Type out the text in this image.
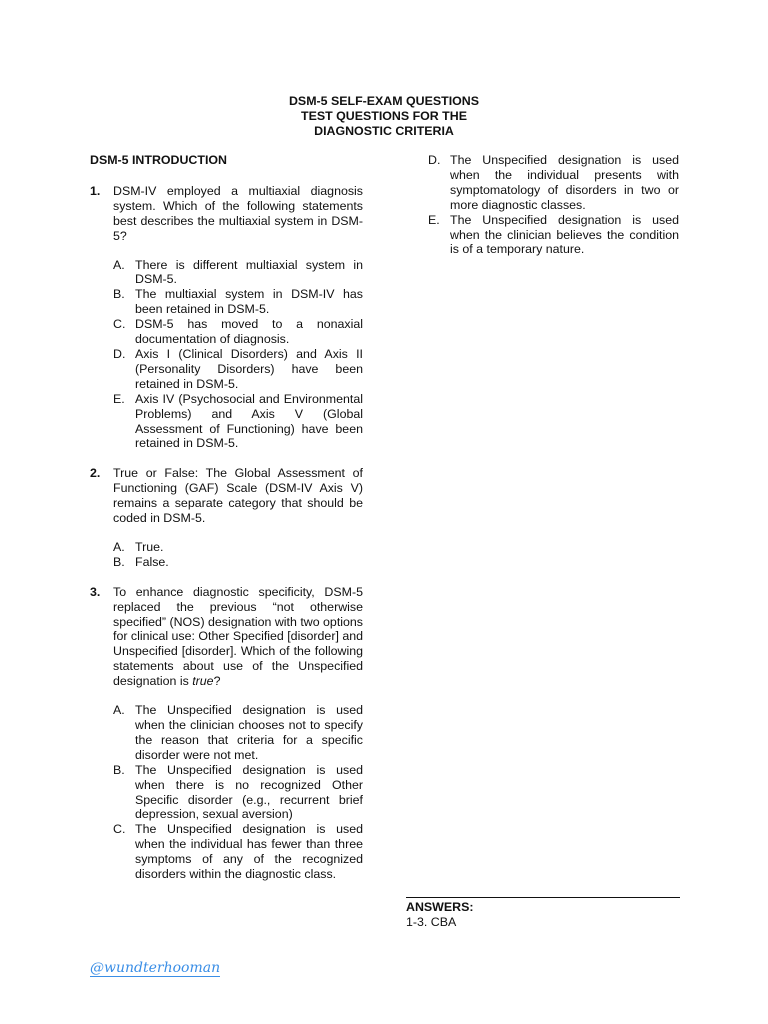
DSM-5 SELF-EXAM QUESTIONS
TEST QUESTIONS FOR THE
DIAGNOSTIC CRITERIA
DSM-5 INTRODUCTION
1.	DSM-IV employed a multiaxial diagnosis system. Which of the following statements best describes the multiaxial system in DSM-5?
A. There is different multiaxial system in DSM-5.
B. The multiaxial system in DSM-IV has been retained in DSM-5.
C. DSM-5 has moved to a nonaxial documentation of diagnosis.
D. Axis I (Clinical Disorders) and Axis II (Personality Disorders) have been retained in DSM-5.
E. Axis IV (Psychosocial and Environmental Problems) and Axis V (Global Assessment of Functioning) have been retained in DSM-5.
2.	True or False: The Global Assessment of Functioning (GAF) Scale (DSM-IV Axis V) remains a separate category that should be coded in DSM-5.
A. True.
B. False.
3.	To enhance diagnostic specificity, DSM-5 replaced the previous “not otherwise specified” (NOS) designation with two options for clinical use: Other Specified [disorder] and Unspecified [disorder]. Which of the following statements about use of the Unspecified designation is true?
A. The Unspecified designation is used when the clinician chooses not to specify the reason that criteria for a specific disorder were not met.
B. The Unspecified designation is used when there is no recognized Other Specific disorder (e.g., recurrent brief depression, sexual aversion)
C. The Unspecified designation is used when the individual has fewer than three symptoms of any of the recognized disorders within the diagnostic class.
D. The Unspecified designation is used when the individual presents with symptomatology of disorders in two or more diagnostic classes.
E. The Unspecified designation is used when the clinician believes the condition is of a temporary nature.
ANSWERS:
1-3. CBA
@wundterhooman
